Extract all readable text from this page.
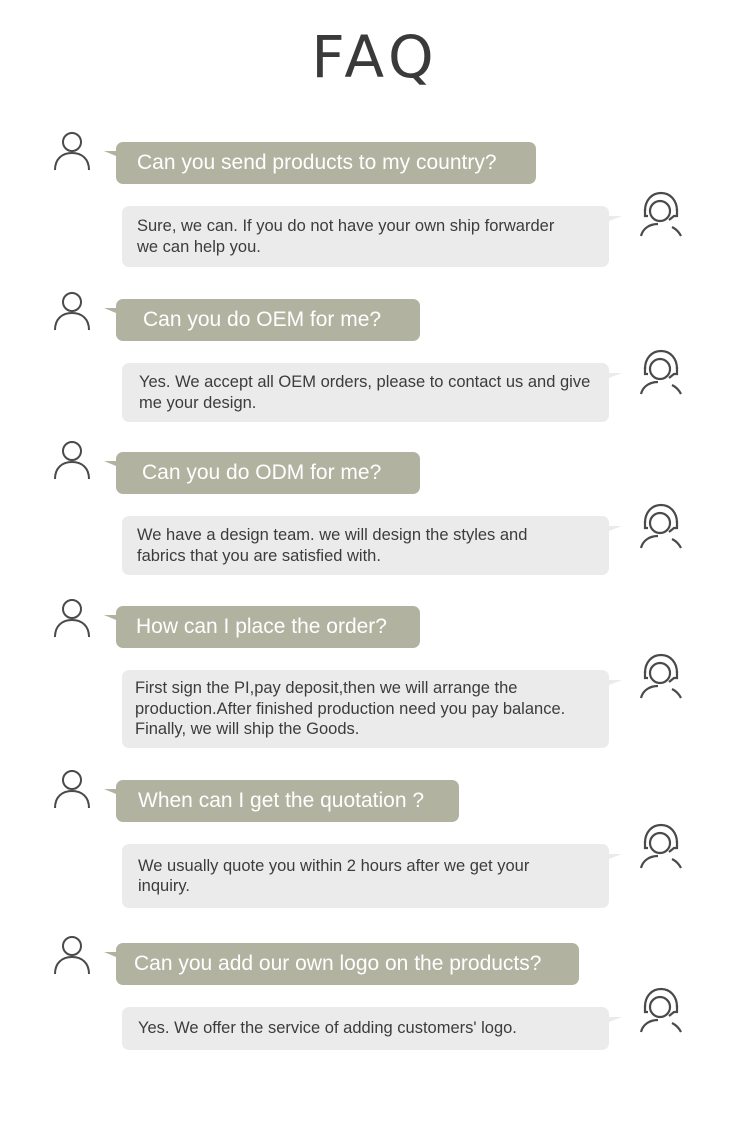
FAQ
Can you send products to my country?
Sure, we can. If you do not have your own ship forwarder we can help you.
Can you do OEM for me?
Yes. We accept all OEM orders, please to contact us and give me your design.
Can you do ODM for me?
We have a design team. we will design the styles and fabrics that you are satisfied with.
How can I place the order?
First sign the PI,pay deposit,then we will arrange the production.After finished production need you pay balance. Finally, we will ship the Goods.
When can I get the quotation ?
We usually quote you within 2 hours after we get your inquiry.
Can you add our own logo on the products?
Yes. We offer the service of adding customers' logo.
